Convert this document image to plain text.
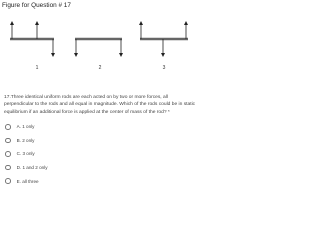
Figure for Question # 17
1	2	3
17.Three identical uniform rods are each acted on by two or more forces, all perpendicular to the rods and all equal in magnitude. Which of the rods could be in static equilibrium if an additional force is applied at the center of mass of the rod? *
A. 1 only
B. 2 only
C. 3 only
D. 1 and 2 only
E. all three
